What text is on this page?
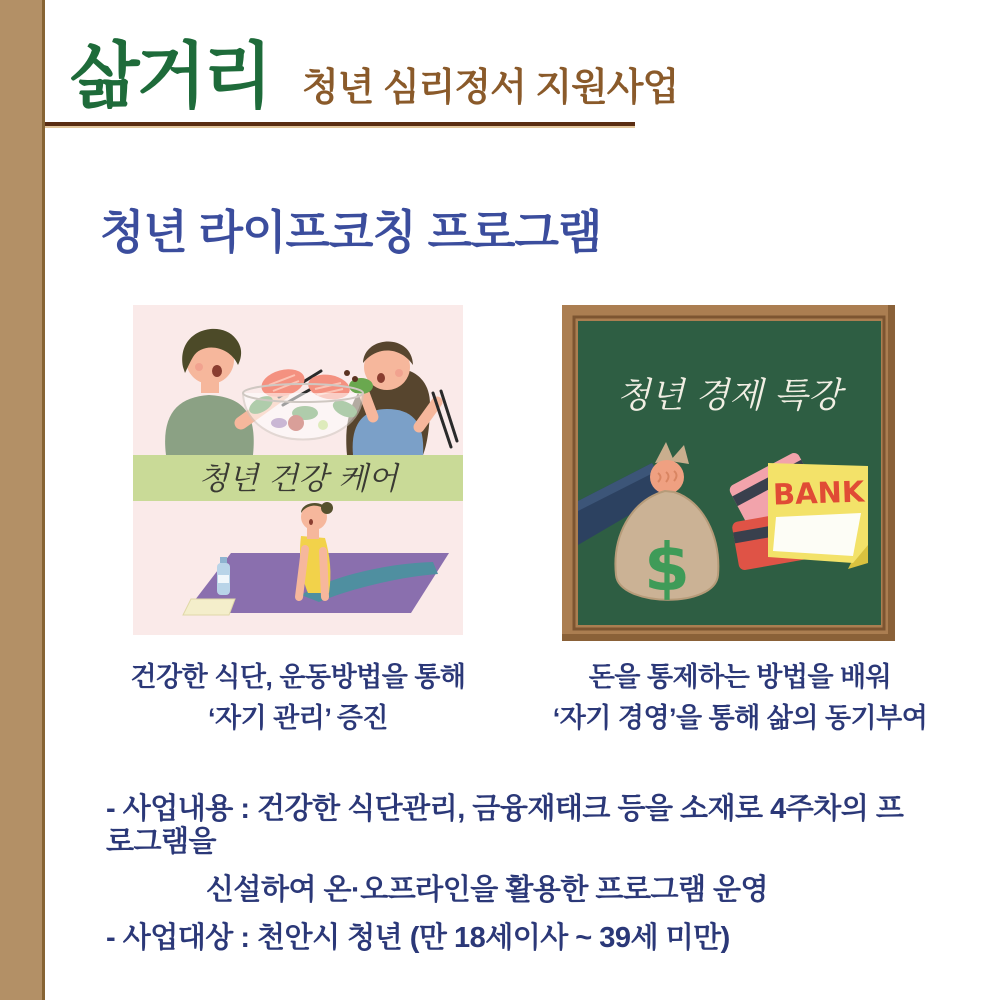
삶거리 청년 심리정서 지원사업
청년 라이프코칭 프로그램
청년 건강 케어
청년 경제 특강
$
BANK
건강한 식단, 운동방법을 통해
‘자기 관리’ 증진
돈을 통제하는 방법을 배워
‘자기 경영’을 통해 삶의 동기부여
- 사업내용 : 건강한 식단관리, 금융재태크 등을 소재로 4주차의 프로그램을
신설하여 온·오프라인을 활용한 프로그램 운영
- 사업대상 : 천안시 청년 (만 18세이사 ~ 39세 미만)
